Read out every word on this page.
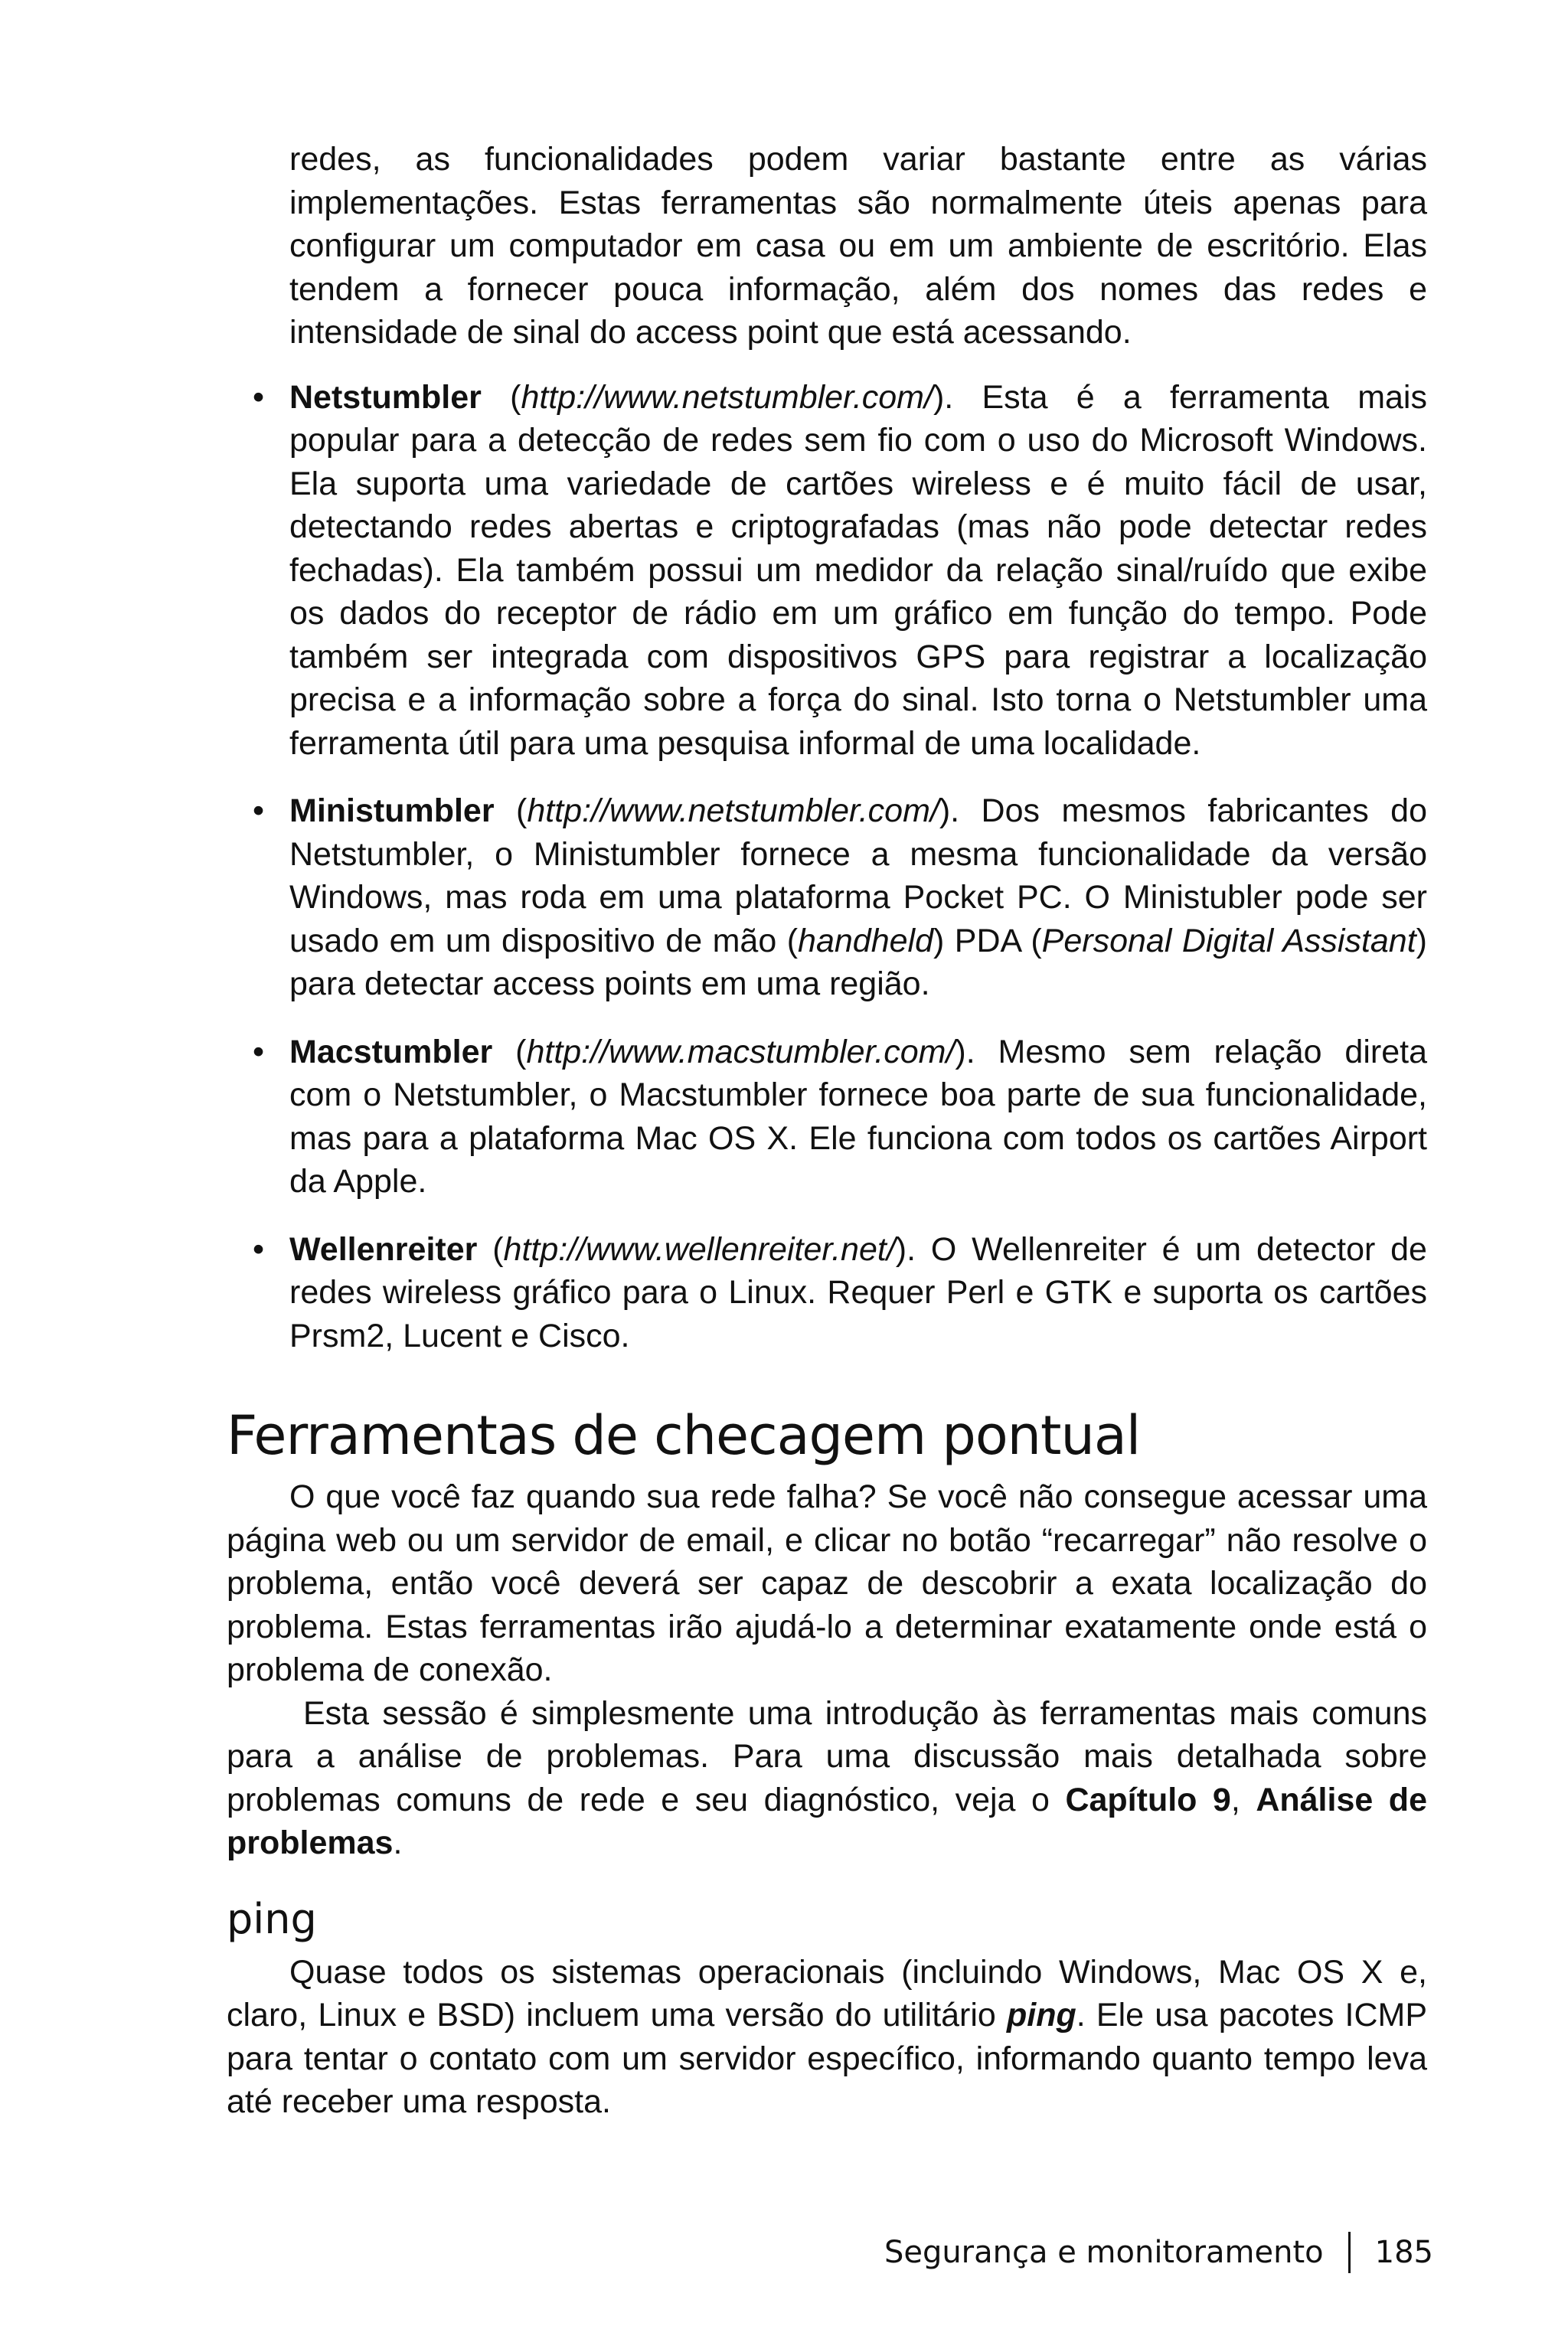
redes, as funcionalidades podem variar bastante entre as várias implementações. Estas ferramentas são normalmente úteis apenas para configurar um computador em casa ou em um ambiente de escritório. Elas tendem a fornecer pouca informação, além dos nomes das redes e intensidade de sinal do access point que está acessando.

• Netstumbler (http://www.netstumbler.com/). Esta é a ferramenta mais popular para a detecção de redes sem fio com o uso do Microsoft Windows. Ela suporta uma variedade de cartões wireless e é muito fácil de usar, detectando redes abertas e criptografadas (mas não pode detectar redes fechadas). Ela também possui um medidor da relação sinal/ruído que exibe os dados do receptor de rádio em um gráfico em função do tempo. Pode também ser integrada com dispositivos GPS para registrar a localização precisa e a informação sobre a força do sinal. Isto torna o Netstumbler uma ferramenta útil para uma pesquisa informal de uma localidade.
• Ministumbler (http://www.netstumbler.com/). Dos mesmos fabricantes do Netstumbler, o Ministumbler fornece a mesma funcionalidade da versão Windows, mas roda em uma plataforma Pocket PC. O Ministubler pode ser usado em um dispositivo de mão (handheld) PDA (Personal Digital Assistant) para detectar access points em uma região.
• Macstumbler (http://www.macstumbler.com/). Mesmo sem relação direta com o Netstumbler, o Macstumbler fornece boa parte de sua funcionalidade, mas para a plataforma Mac OS X. Ele funciona com todos os cartões Airport da Apple.
• Wellenreiter (http://www.wellenreiter.net/). O Wellenreiter é um detector de redes wireless gráfico para o Linux. Requer Perl e GTK e suporta os cartões Prsm2, Lucent e Cisco.
Ferramentas de checagem pontual

O que você faz quando sua rede falha? Se você não consegue acessar uma página web ou um servidor de email, e clicar no botão “recarregar” não resolve o problema, então você deverá ser capaz de descobrir a exata localização do problema. Estas ferramentas irão ajudá-lo a determinar exatamente onde está o problema de conexão.

Esta sessão é simplesmente uma introdução às ferramentas mais comuns para a análise de problemas. Para uma discussão mais detalhada sobre problemas comuns de rede e seu diagnóstico, veja o Capítulo 9, Análise de problemas.

ping

Quase todos os sistemas operacionais (incluindo Windows, Mac OS X e, claro, Linux e BSD) incluem uma versão do utilitário ping. Ele usa pacotes ICMP para tentar o contato com um servidor específico, informando quanto tempo leva até receber uma resposta.

Segurança e monitoramento 185
